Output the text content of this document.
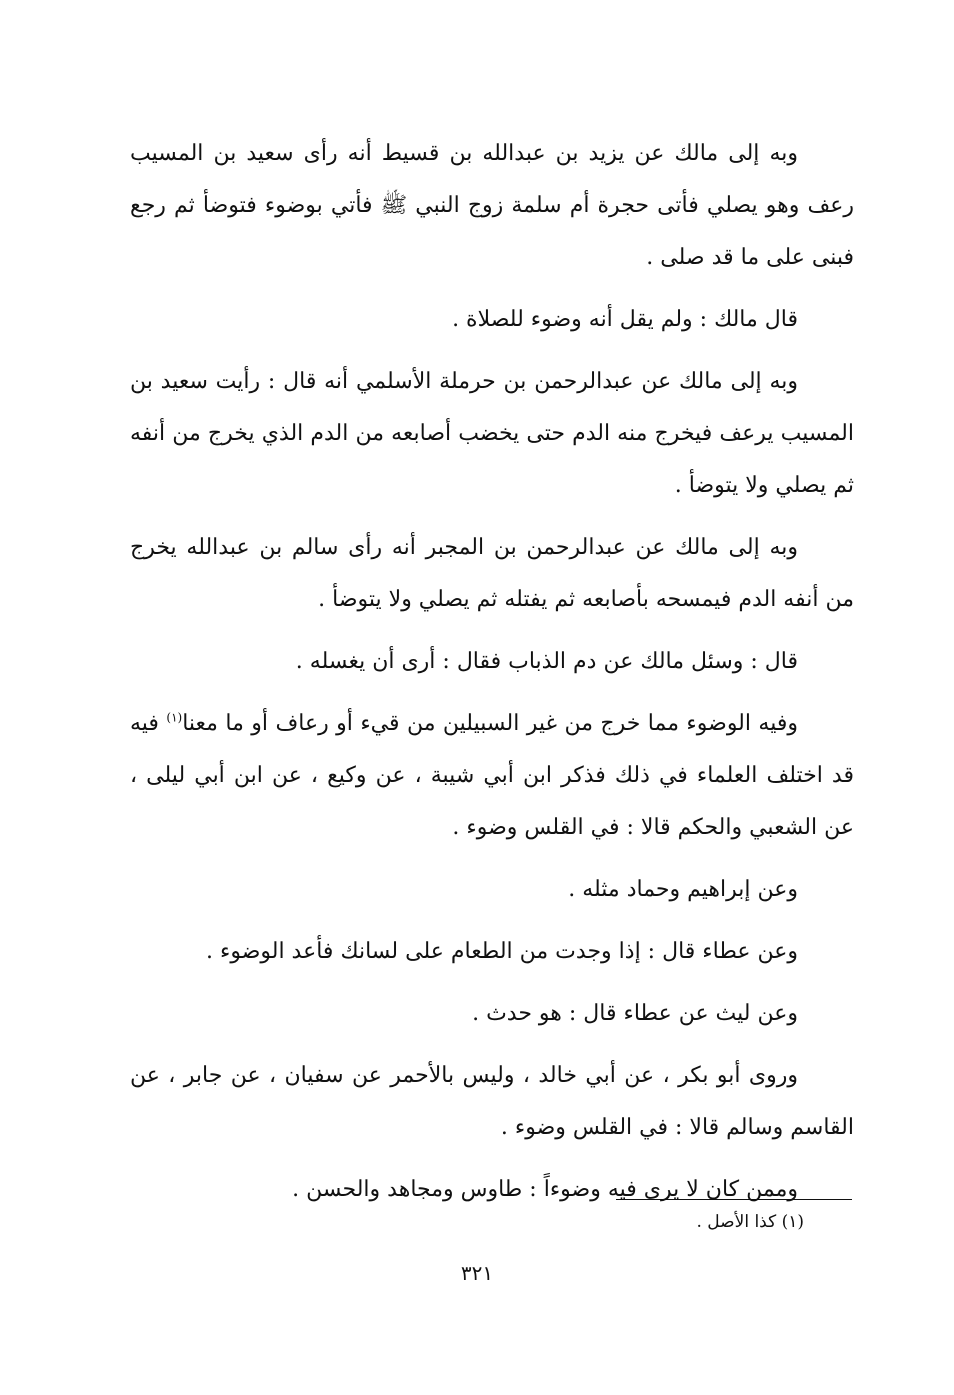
وبه إلى مالك عن يزيد بن عبدالله بن قسيط أنه رأى سعيد بن المسيب رعف وهو يصلي فأتى حجرة أم سلمة زوج النبي ﷺ فأتي بوضوء فتوضأ ثم رجع فبنى على ما قد صلى .

قال مالك : ولم يقل أنه وضوء للصلاة .

وبه إلى مالك عن عبدالرحمن بن حرملة الأسلمي أنه قال : رأيت سعيد بن المسيب يرعف فيخرج منه الدم حتى يخضب أصابعه من الدم الذي يخرج من أنفه ثم يصلي ولا يتوضأ .

وبه إلى مالك عن عبدالرحمن بن المجبر أنه رأى سالم بن عبدالله يخرج من أنفه الدم فيمسحه بأصابعه ثم يفتله ثم يصلي ولا يتوضأ .

قال : وسئل مالك عن دم الذباب فقال : أرى أن يغسله .

وفيه الوضوء مما خرج من غير السبيلين من قيء أو رعاف أو ما معنا$^{(١)}$ فيه قد اختلف العلماء في ذلك فذكر ابن أبي شيبة ، عن وكيع ، عن ابن أبي ليلى ، عن الشعبي والحكم قالا : في القلس وضوء .

وعن إبراهيم وحماد مثله .

وعن عطاء قال : إذا وجدت من الطعام على لسانك فأعد الوضوء .

وعن ليث عن عطاء قال : هو حدث .

وروى أبو بكر ، عن أبي خالد ، وليس بالأحمر عن سفيان ، عن جابر ، عن القاسم وسالم قالا : في القلس وضوء .

وممن كان لا يرى فيه وضوءاً : طاوس ومجاهد والحسن .

(١) كذا الأصل .
٣٢١
